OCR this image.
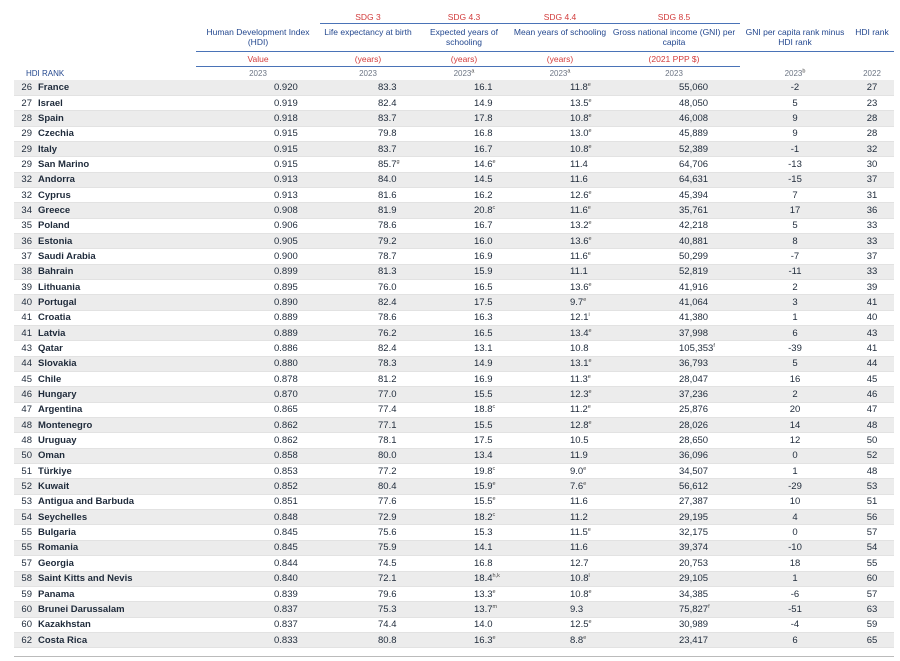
			SDG 3	SDG 4.3	SDG 4.4	SDG 8.5		
		Human Development Index (HDI)	Life expectancy at birth	Expected years of schooling	Mean years of schooling	Gross national income (GNI) per capita	GNI per capita rank minus HDI rank	HDI rank
		Value	(years)	(years)	(years)	(2021 PPP $)		
HDI RANK		2023	2023	2023$^a$	2023$^a$	2023	2023$^b$	2022
26	France	0.920	83.3	16.1	11.8e	55,060	-2	27
27	Israel	0.919	82.4	14.9	13.5e	48,050	5	23
28	Spain	0.918	83.7	17.8	10.8e	46,008	9	28
29	Czechia	0.915	79.8	16.8	13.0e	45,889	9	28
29	Italy	0.915	83.7	16.7	10.8e	52,389	-1	32
29	San Marino	0.915	85.7$^g$	14.6e	11.4	64,706	-13	30
32	Andorra	0.913	84.0	14.5	11.6	64,631	-15	37
32	Cyprus	0.913	81.6	16.2	12.6e	45,394	7	31
34	Greece	0.908	81.9	20.8$^c$	11.6e	35,761	17	36
35	Poland	0.906	78.6	16.7	13.2e	42,218	5	33
36	Estonia	0.905	79.2	16.0	13.6e	40,881	8	33
37	Saudi Arabia	0.900	78.7	16.9	11.6e	50,299	-7	37
38	Bahrain	0.899	81.3	15.9	11.1	52,819	-11	33
39	Lithuania	0.895	76.0	16.5	13.6e	41,916	2	39
40	Portugal	0.890	82.4	17.5	9.7e	41,064	3	41
41	Croatia	0.889	78.6	16.3	12.1$^i$	41,380	1	40
41	Latvia	0.889	76.2	16.5	13.4e	37,998	6	43
43	Qatar	0.886	82.4	13.1	10.8	105,353$^f$	-39	41
44	Slovakia	0.880	78.3	14.9	13.1e	36,793	5	44
45	Chile	0.878	81.2	16.9	11.3e	28,047	16	45
46	Hungary	0.870	77.0	15.5	12.3e	37,236	2	46
47	Argentina	0.865	77.4	18.8$^c$	11.2e	25,876	20	47
48	Montenegro	0.862	77.1	15.5	12.8e	28,026	14	48
48	Uruguay	0.862	78.1	17.5	10.5	28,650	12	50
50	Oman	0.858	80.0	13.4	11.9	36,096	0	52
51	Türkiye	0.853	77.2	19.8$^c$	9.0e	34,507	1	48
52	Kuwait	0.852	80.4	15.9e	7.6e	56,612	-29	53
53	Antigua and Barbuda	0.851	77.6	15.5e	11.6	27,387	10	51
54	Seychelles	0.848	72.9	18.2$^c$	11.2	29,195	4	56
55	Bulgaria	0.845	75.6	15.3	11.5e	32,175	0	57
55	Romania	0.845	75.9	14.1	11.6	39,374	-10	54
57	Georgia	0.844	74.5	16.8	12.7	20,753	18	55
58	Saint Kitts and Nevis	0.840	72.1	18.4$^{h,k}$	10.8$^l$	29,105	1	60
59	Panama	0.839	79.6	13.3e	10.8e	34,385	-6	57
60	Brunei Darussalam	0.837	75.3	13.7$^m$	9.3	75,827$^f$	-51	63
60	Kazakhstan	0.837	74.4	14.0	12.5e	30,989	-4	59
62	Costa Rica	0.833	80.8	16.3e	8.8e	23,417	6	65
